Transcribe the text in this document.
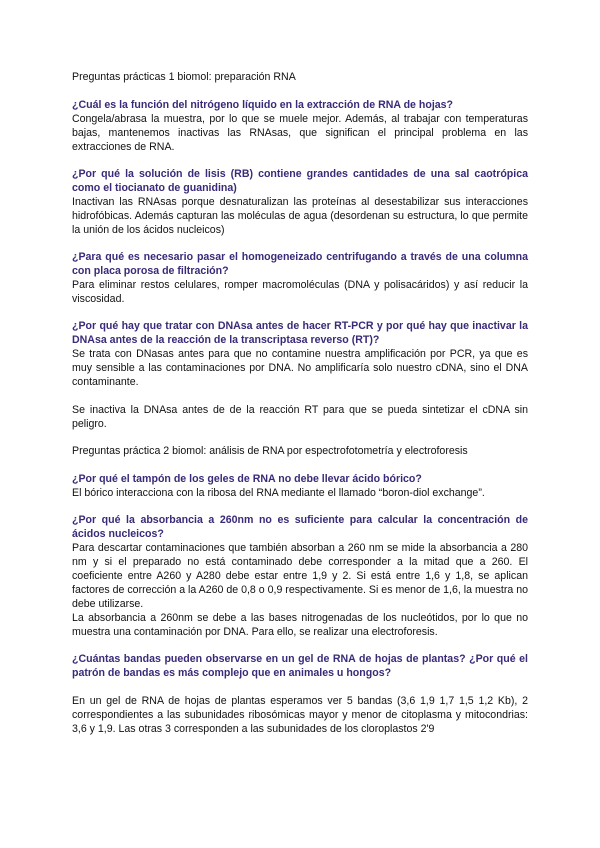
Preguntas prácticas 1 biomol: preparación RNA

¿Cuál es la función del nitrógeno líquido en la extracción de RNA de hojas?

Congela/abrasa la muestra, por lo que se muele mejor. Además, al trabajar con temperaturas bajas, mantenemos inactivas las RNAsas, que significan el principal problema en las extracciones de RNA.

¿Por qué la solución de lisis (RB) contiene grandes cantidades de una sal caotrópica como el tiocianato de guanidina)

Inactivan las RNAsas porque desnaturalizan las proteínas al desestabilizar sus interacciones hidrofóbicas. Además capturan las moléculas de agua (desordenan su estructura, lo que permite la unión de los ácidos nucleicos)

¿Para qué es necesario pasar el homogeneizado centrifugando a través de una columna con placa porosa de filtración?

Para eliminar restos celulares, romper macromoléculas (DNA y polisacáridos) y así reducir la viscosidad.

¿Por qué hay que tratar con DNAsa antes de hacer RT-PCR y por qué hay que inactivar la DNAsa antes de la reacción de la transcriptasa reverso (RT)?

Se trata con DNasas antes para que no contamine nuestra amplificación por PCR, ya que es muy sensible a las contaminaciones por DNA. No amplificaría solo nuestro cDNA, sino el DNA contaminante.

Se inactiva la DNAsa antes de de la reacción RT para que se pueda sintetizar el cDNA sin peligro.

Preguntas práctica 2 biomol: análisis de RNA por espectrofotometría y electroforesis

¿Por qué el tampón de los geles de RNA no debe llevar ácido bórico?

El bórico interacciona con la ribosa del RNA mediante el llamado “boron-diol exchange”.

¿Por qué la absorbancia a 260nm no es suficiente para calcular la concentración de ácidos nucleicos?

Para descartar contaminaciones que también absorban a 260 nm se mide la absorbancia a 280 nm y si el preparado no está contaminado debe corresponder a la mitad que a 260. El coeficiente entre A260 y A280 debe estar entre 1,9 y 2. Si está entre 1,6 y 1,8, se aplican factores de corrección a la A260 de 0,8 o 0,9 respectivamente. Si es menor de 1,6, la muestra no debe utilizarse.

La absorbancia a 260nm se debe a las bases nitrogenadas de los nucleótidos, por lo que no muestra una contaminación por DNA. Para ello, se realizar una electroforesis.

¿Cuántas bandas pueden observarse en un gel de RNA de hojas de plantas? ¿Por qué el patrón de bandas es más complejo que en animales u hongos?

En un gel de RNA de hojas de plantas esperamos ver 5 bandas (3,6 1,9 1,7 1,5 1,2 Kb), 2 correspondientes a las subunidades ribosómicas mayor y menor de citoplasma y mitocondrias: 3,6 y 1,9. Las otras 3 corresponden a las subunidades de los cloroplastos 2'9
